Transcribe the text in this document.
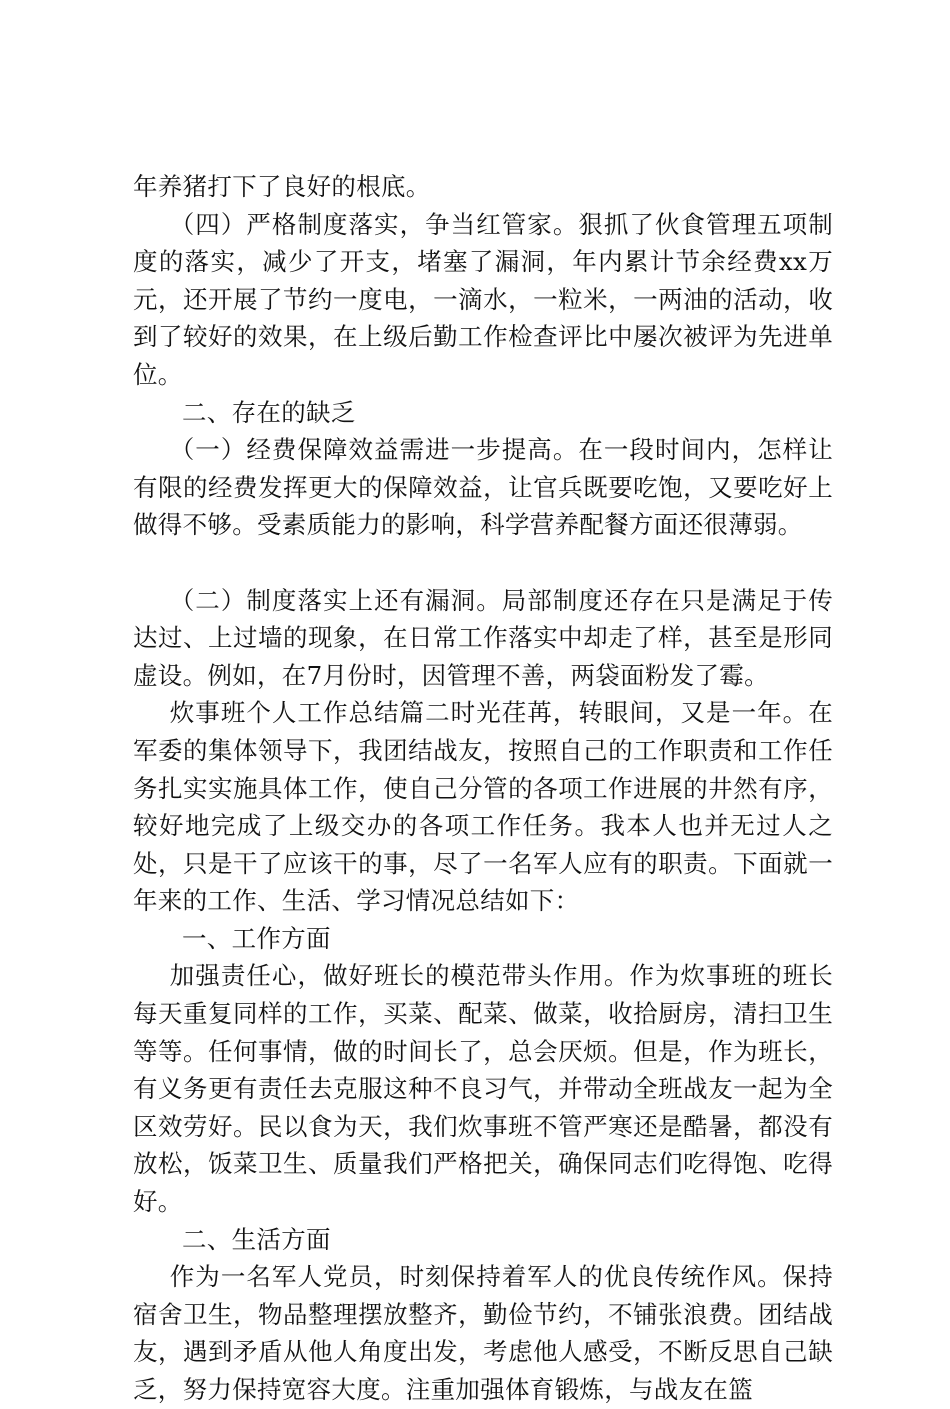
年养猪打下了良好的根底。

（四）严格制度落实，争当红管家。狠抓了伙食管理五项制度的落实，减少了开支，堵塞了漏洞，年内累计节余经费xx万元，还开展了节约一度电，一滴水，一粒米，一两油的活动，收到了较好的效果，在上级后勤工作检查评比中屡次被评为先进单位。

二、存在的缺乏

（一）经费保障效益需进一步提高。在一段时间内，怎样让有限的经费发挥更大的保障效益，让官兵既要吃饱，又要吃好上做得不够。受素质能力的影响，科学营养配餐方面还很薄弱。

（二）制度落实上还有漏洞。局部制度还存在只是满足于传达过、上过墙的现象，在日常工作落实中却走了样，甚至是形同虚设。例如，在7月份时，因管理不善，两袋面粉发了霉。

炊事班个人工作总结篇二时光荏苒，转眼间，又是一年。在军委的集体领导下，我团结战友，按照自己的工作职责和工作任务扎实实施具体工作，使自己分管的各项工作进展的井然有序，较好地完成了上级交办的各项工作任务。我本人也并无过人之处，只是干了应该干的事，尽了一名军人应有的职责。下面就一年来的工作、生活、学习情况总结如下：

一、工作方面

加强责任心，做好班长的模范带头作用。作为炊事班的班长每天重复同样的工作，买菜、配菜、做菜，收拾厨房，清扫卫生等等。任何事情，做的时间长了，总会厌烦。但是，作为班长，有义务更有责任去克服这种不良习气，并带动全班战友一起为全区效劳好。民以食为天，我们炊事班不管严寒还是酷暑，都没有放松，饭菜卫生、质量我们严格把关，确保同志们吃得饱、吃得好。

二、生活方面

作为一名军人党员，时刻保持着军人的优良传统作风。保持宿舍卫生，物品整理摆放整齐，勤俭节约，不铺张浪费。团结战友，遇到矛盾从他人角度出发，考虑他人感受，不断反思自己缺乏，努力保持宽容大度。注重加强体育锻炼，与战友在篮
